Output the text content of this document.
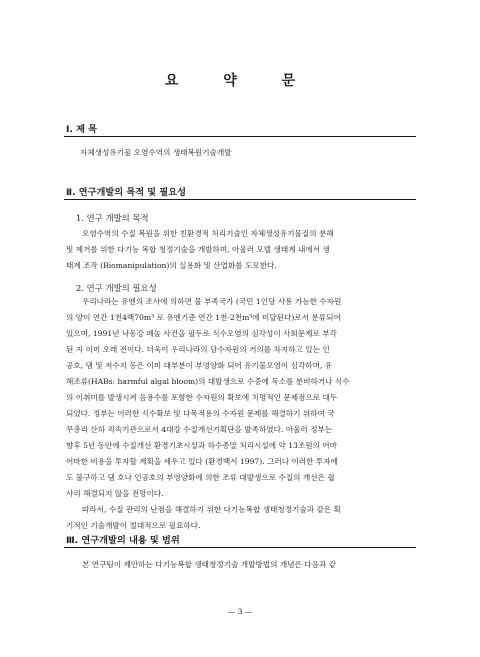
요 약 문
Ⅰ. 제 목
자체생성유기물 오염수역의 생태복원기술개발
Ⅱ. 연구개발의 목적 및 필요성
1. 연구 개발의 목적
오염수역의 수질 복원을 위한 친환경적 처리기술인 자체생성유기물질의 분해
및 제거를 위한 다기능 복합 청정기술을 개발하며, 아울러 모델 생태계 내에서 생
태계 조작 (Biomanipulation)의 실용화 및 산업화를 도모한다.
2. 연구 개발의 필요성
우리나라는 유엔의 조사에 의하면 물 부족국가 (국민 1인당 사용 가능한 수자원
의 양이 연간 1천4백70m³ 로 유엔기준 연간 1천-2천m³에 미달된다)로서 분류되어
있으며, 1991년 낙동강 페놀 사건을 필두로 식수오염의 심각성이 사회문제로 부각
된 지 이미 오래 전이다. 더욱이 우리나라의 담수자원의 거의를 차지하고 있는 인
공호, 댐 및 저수지 등은 이미 대부분이 부영양화 되어 유기물오염이 심각하며, 유
해조류(HABs: harmful algal bloom)의 대발생으로 수중에 독소를 분비하거나 식수
의 이취미를 발생시켜 음용수를 포함한 수자원의 확보에 치명적인 문제점으로 대두
되었다. 정부는 이러한 식수확보 및 다목적용의 수자원 문제를 해결하기 위하여 국
무총리 산하 직속기관으로서 4대강 수질개선기획단을 발족하였다. 아울러 정부는
향후 5년 동안에 수질개선 환경기초시설과 하수종말 처리시설에 약 13조원의 어마
어마한 비용을 투자할 계획을 세우고 있다 (환경백서 1997). 그러나 이러한 투자에
도 불구하고 댐 호나 인공호의 부영양화에 의한 조류 대발생으로 수질의 개선은 쉽
사리 해결되지 않을 전망이다.
따라서, 수질 관리의 난점을 해결하기 위한 다기능복합 생태청정기술과 같은 획
기적인 기술개발이 절대적으로 필요하다.
Ⅲ. 연구개발의 내용 및 범위
본 연구팀이 제안하는 다기능복합 생태청정기술 개발방법의 개념은 다음과 같
— 3 —
